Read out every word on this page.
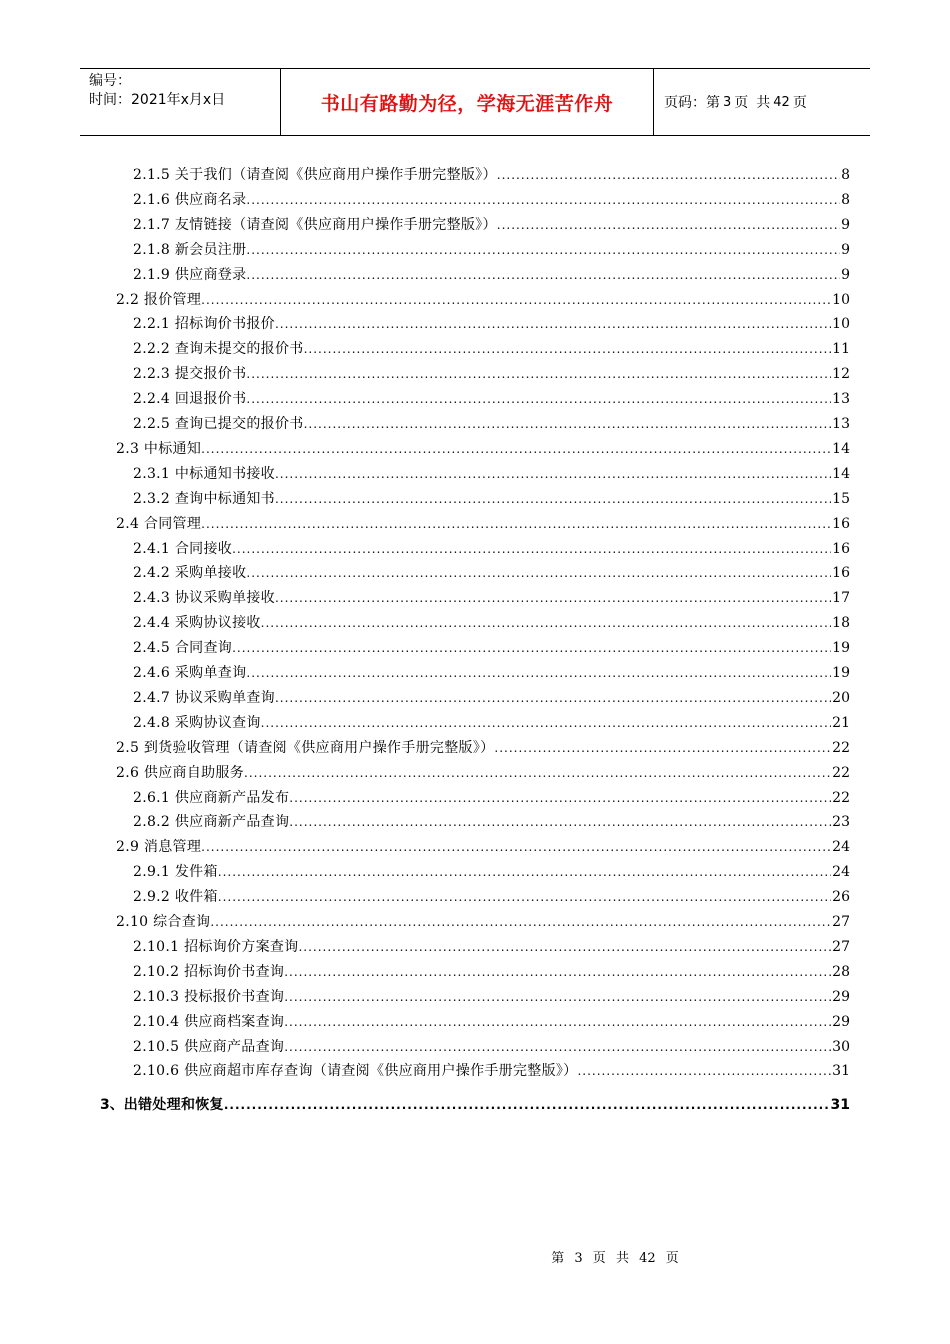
编号：
时间：2021年x月x日	书山有路勤为径，学海无涯苦作舟	页码：第 3 页 共 42 页
2.1.5 关于我们（请查阅《供应商用户操作手册完整版》） .....	8
2.1.6 供应商名录 .....	8
2.1.7 友情链接（请查阅《供应商用户操作手册完整版》） .....	9
2.1.8 新会员注册 .....	9
2.1.9 供应商登录 .....	9
2.2 报价管理 .....	10
2.2.1 招标询价书报价 .....	10
2.2.2 查询未提交的报价书 .....	11
2.2.3 提交报价书 .....	12
2.2.4 回退报价书 .....	13
2.2.5 查询已提交的报价书 .....	13
2.3 中标通知 .....	14
2.3.1 中标通知书接收 .....	14
2.3.2 查询中标通知书 .....	15
2.4 合同管理 .....	16
2.4.1 合同接收 .....	16
2.4.2 采购单接收 .....	16
2.4.3 协议采购单接收 .....	17
2.4.4 采购协议接收 .....	18
2.4.5 合同查询 .....	19
2.4.6 采购单查询 .....	19
2.4.7 协议采购单查询 .....	20
2.4.8 采购协议查询 .....	21
2.5 到货验收管理（请查阅《供应商用户操作手册完整版》） .....	22
2.6 供应商自助服务 .....	22
2.6.1 供应商新产品发布 .....	22
2.8.2 供应商新产品查询 .....	23
2.9 消息管理 .....	24
2.9.1 发件箱 .....	24
2.9.2 收件箱 .....	26
2.10 综合查询 .....	27
2.10.1 招标询价方案查询 .....	27
2.10.2 招标询价书查询 .....	28
2.10.3 投标报价书查询 .....	29
2.10.4 供应商档案查询 .....	29
2.10.5 供应商产品查询 .....	30
2.10.6 供应商超市库存查询（请查阅《供应商用户操作手册完整版》） .....	31
3、 出错处理和恢复 .....	31
第 3 页 共 42 页
